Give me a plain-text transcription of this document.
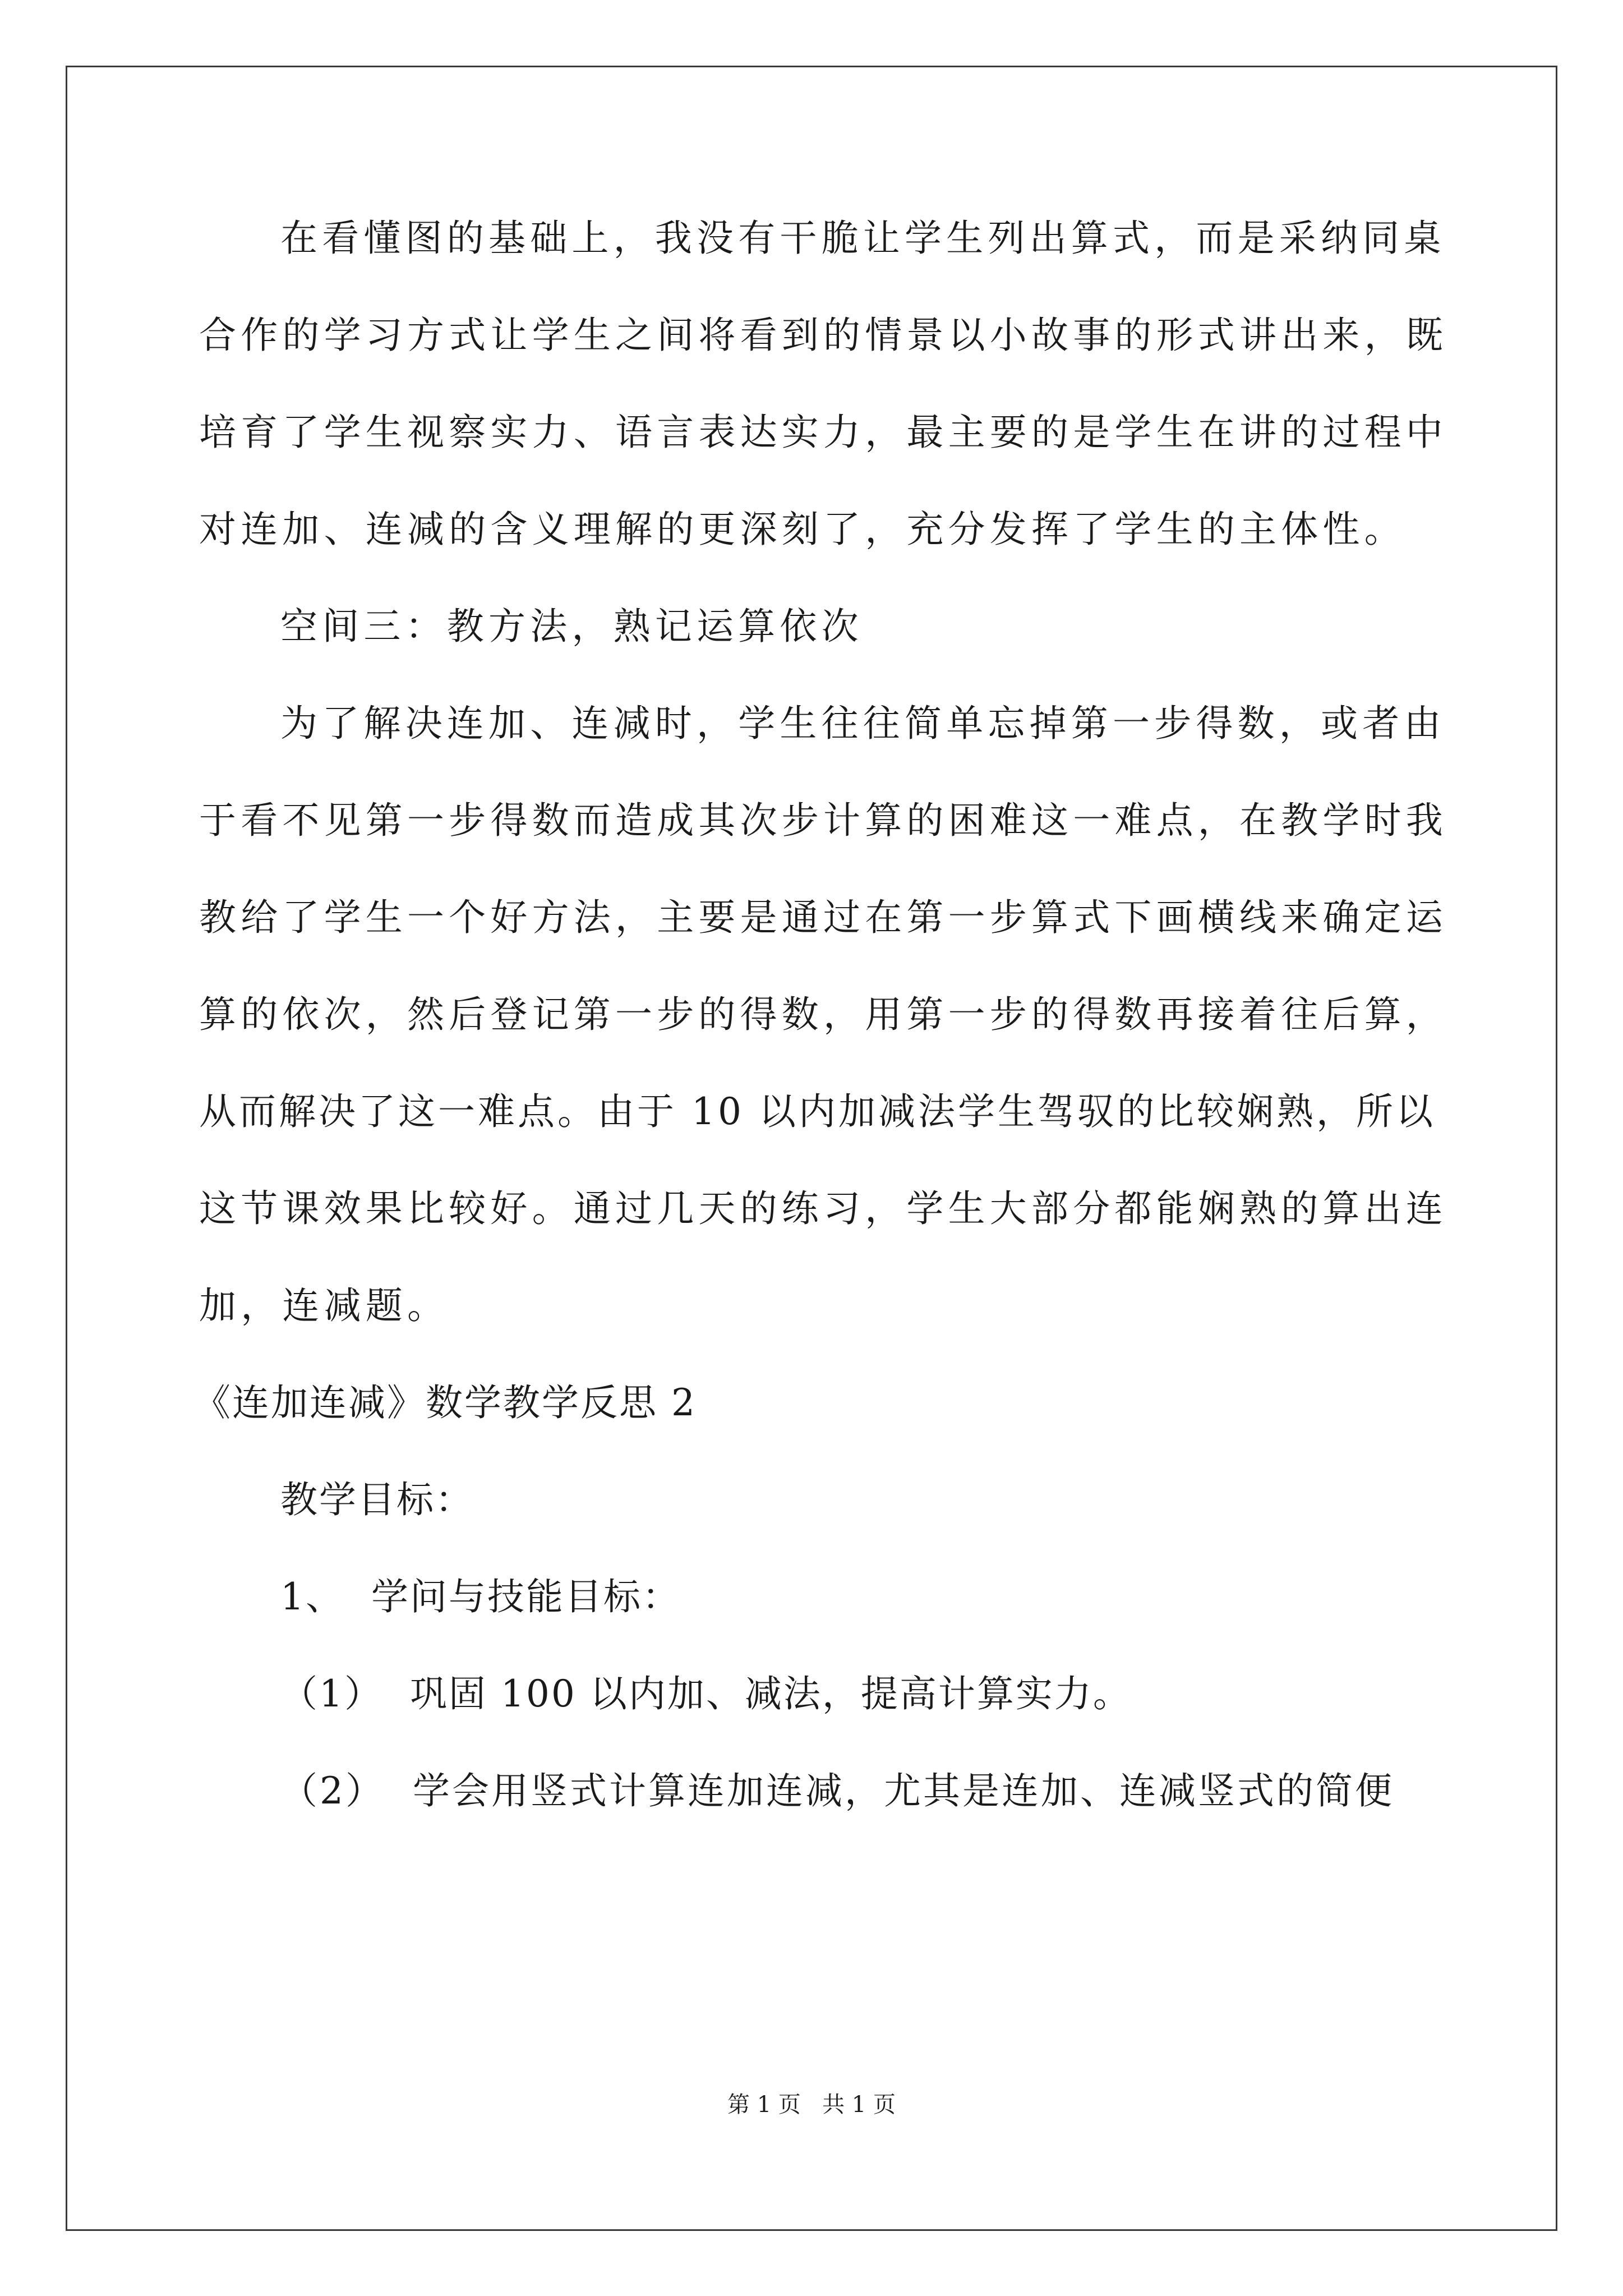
在看懂图的基础上，我没有干脆让学生列出算式，而是采纳同桌
合作的学习方式让学生之间将看到的情景以小故事的形式讲出来，既
培育了学生视察实力、语言表达实力，最主要的是学生在讲的过程中
对连加、连减的含义理解的更深刻了，充分发挥了学生的主体性。
空间三：教方法，熟记运算依次
为了解决连加、连减时，学生往往简单忘掉第一步得数，或者由
于看不见第一步得数而造成其次步计算的困难这一难点，在教学时我
教给了学生一个好方法，主要是通过在第一步算式下画横线来确定运
算的依次，然后登记第一步的得数，用第一步的得数再接着往后算，
从而解决了这一难点。由于 10 以内加减法学生驾驭的比较娴熟，所以
这节课效果比较好。通过几天的练习，学生大部分都能娴熟的算出连
加，连减题。
《连加连减》数学教学反思 2
教学目标：
1、  学问与技能目标：
（1）  巩固 100 以内加、减法，提高计算实力。
（2）  学会用竖式计算连加连减，尤其是连加、连减竖式的简便
第 1 页   共 1 页
